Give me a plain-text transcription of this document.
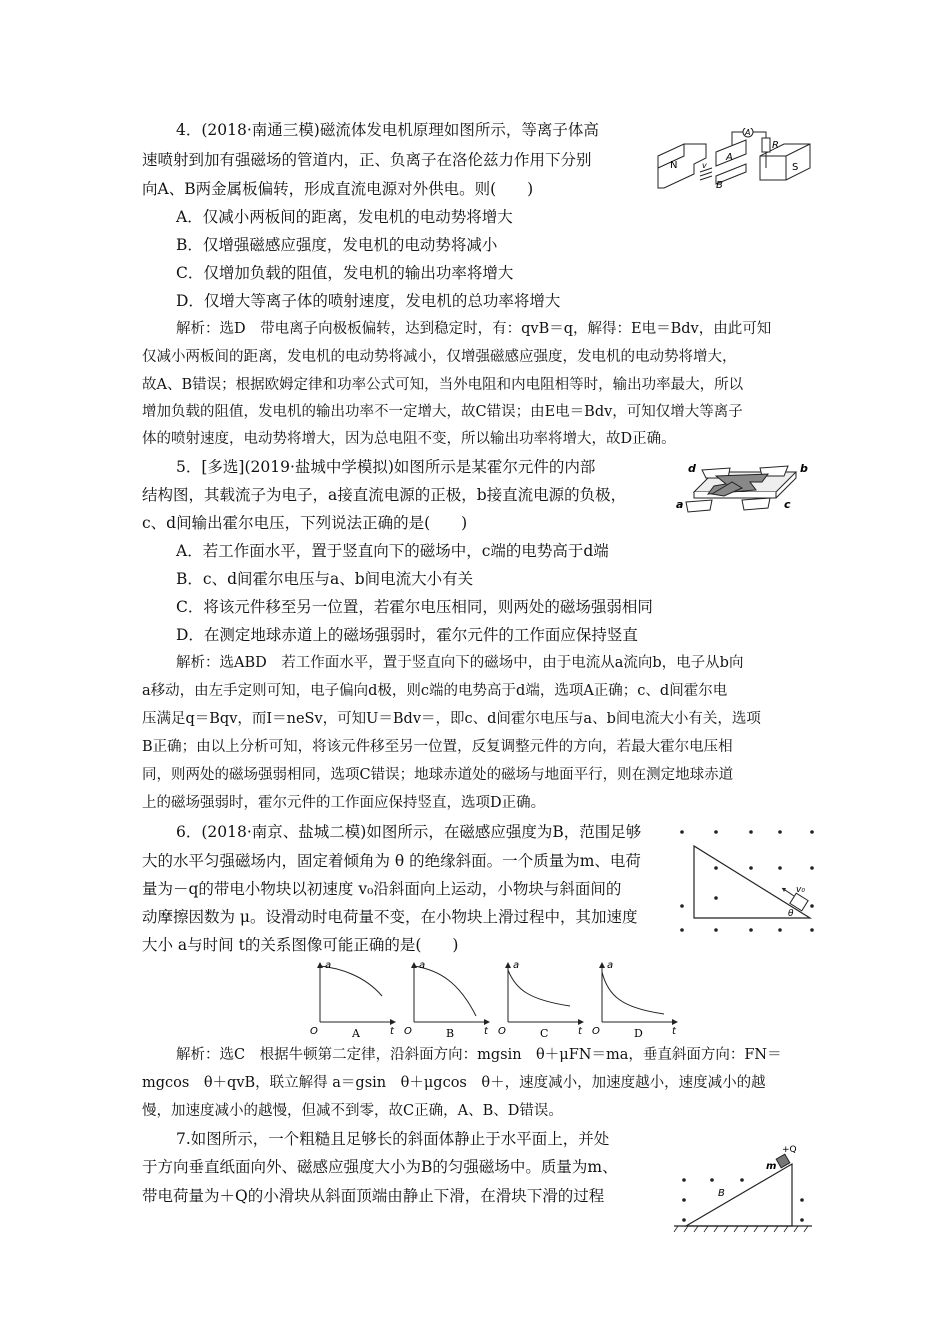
4．(2018·南通三模)磁流体发电机原理如图所示，等离子体高
速喷射到加有强磁场的管道内，正、负离子在洛伦兹力作用下分别
向A、B两金属板偏转，形成直流电源对外供电。则(　　)
A．仅减小两板间的距离，发电机的电动势将增大
B．仅增强磁感应强度，发电机的电动势将减小
C．仅增加负载的阻值，发电机的输出功率将增大
D．仅增大等离子体的喷射速度，发电机的总功率将增大
解析：选D　带电离子向极板偏转，达到稳定时，有：qvB＝q，解得：E电＝Bdv，由此可知
仅减小两板间的距离，发电机的电动势将减小，仅增强磁感应强度，发电机的电动势将增大，
故A、B错误；根据欧姆定律和功率公式可知，当外电阻和内电阻相等时，输出功率最大，所以
增加负载的阻值，发电机的输出功率不一定增大，故C错误；由E电＝Bdv，可知仅增大等离子
体的喷射速度，电动势将增大，因为总电阻不变，所以输出功率将增大，故D正确。
N	S
A
B
R
A
v
5．[多选](2019·盐城中学模拟)如图所示是某霍尔元件的内部
结构图，其载流子为电子，a接直流电源的正极，b接直流电源的负极，
c、d间输出霍尔电压，下列说法正确的是(　　)
A．若工作面水平，置于竖直向下的磁场中，c端的电势高于d端
B．c、d间霍尔电压与a、b间电流大小有关
C．将该元件移至另一位置，若霍尔电压相同，则两处的磁场强弱相同
D．在测定地球赤道上的磁场强弱时，霍尔元件的工作面应保持竖直
解析：选ABD　若工作面水平，置于竖直向下的磁场中，由于电流从a流向b，电子从b向
a移动，由左手定则可知，电子偏向d极，则c端的电势高于d端，选项A正确；c、d间霍尔电
压满足q＝Bqv，而I＝neSv，可知U＝Bdv＝，即c、d间霍尔电压与a、b间电流大小有关，选项
B正确；由以上分析可知，将该元件移至另一位置，反复调整元件的方向，若最大霍尔电压相
同，则两处的磁场强弱相同，选项C错误；地球赤道处的磁场与地面平行，则在测定地球赤道
上的磁场强弱时，霍尔元件的工作面应保持竖直，选项D正确。
d	b
a	c
6．(2018·南京、盐城二模)如图所示，在磁感应强度为B，范围足够
大的水平匀强磁场内，固定着倾角为 θ 的绝缘斜面。一个质量为m、电荷
量为－q的带电小物块以初速度 v₀沿斜面向上运动，小物块与斜面间的
动摩擦因数为 μ。设滑动时电荷量不变，在小物块上滑过程中，其加速度
大小 a与时间 t的关系图像可能正确的是(　　)
v₀
θ
a
t
O	A
a
t
O	B
a
t
O	C
a
t
O	D
解析：选C　根据牛顿第二定律，沿斜面方向：mgsin　θ＋μFN＝ma，垂直斜面方向：FN＝
mgcos　θ＋qvB，联立解得 a＝gsin　θ＋μgcos　θ＋，速度减小，加速度越小，速度减小的越
慢，加速度减小的越慢，但减不到零，故C正确，A、B、D错误。
7.如图所示，一个粗糙且足够长的斜面体静止于水平面上，并处
于方向垂直纸面向外、磁感应强度大小为B的匀强磁场中。质量为m、
带电荷量为＋Q的小滑块从斜面顶端由静止下滑，在滑块下滑的过程
+Q
m
B
